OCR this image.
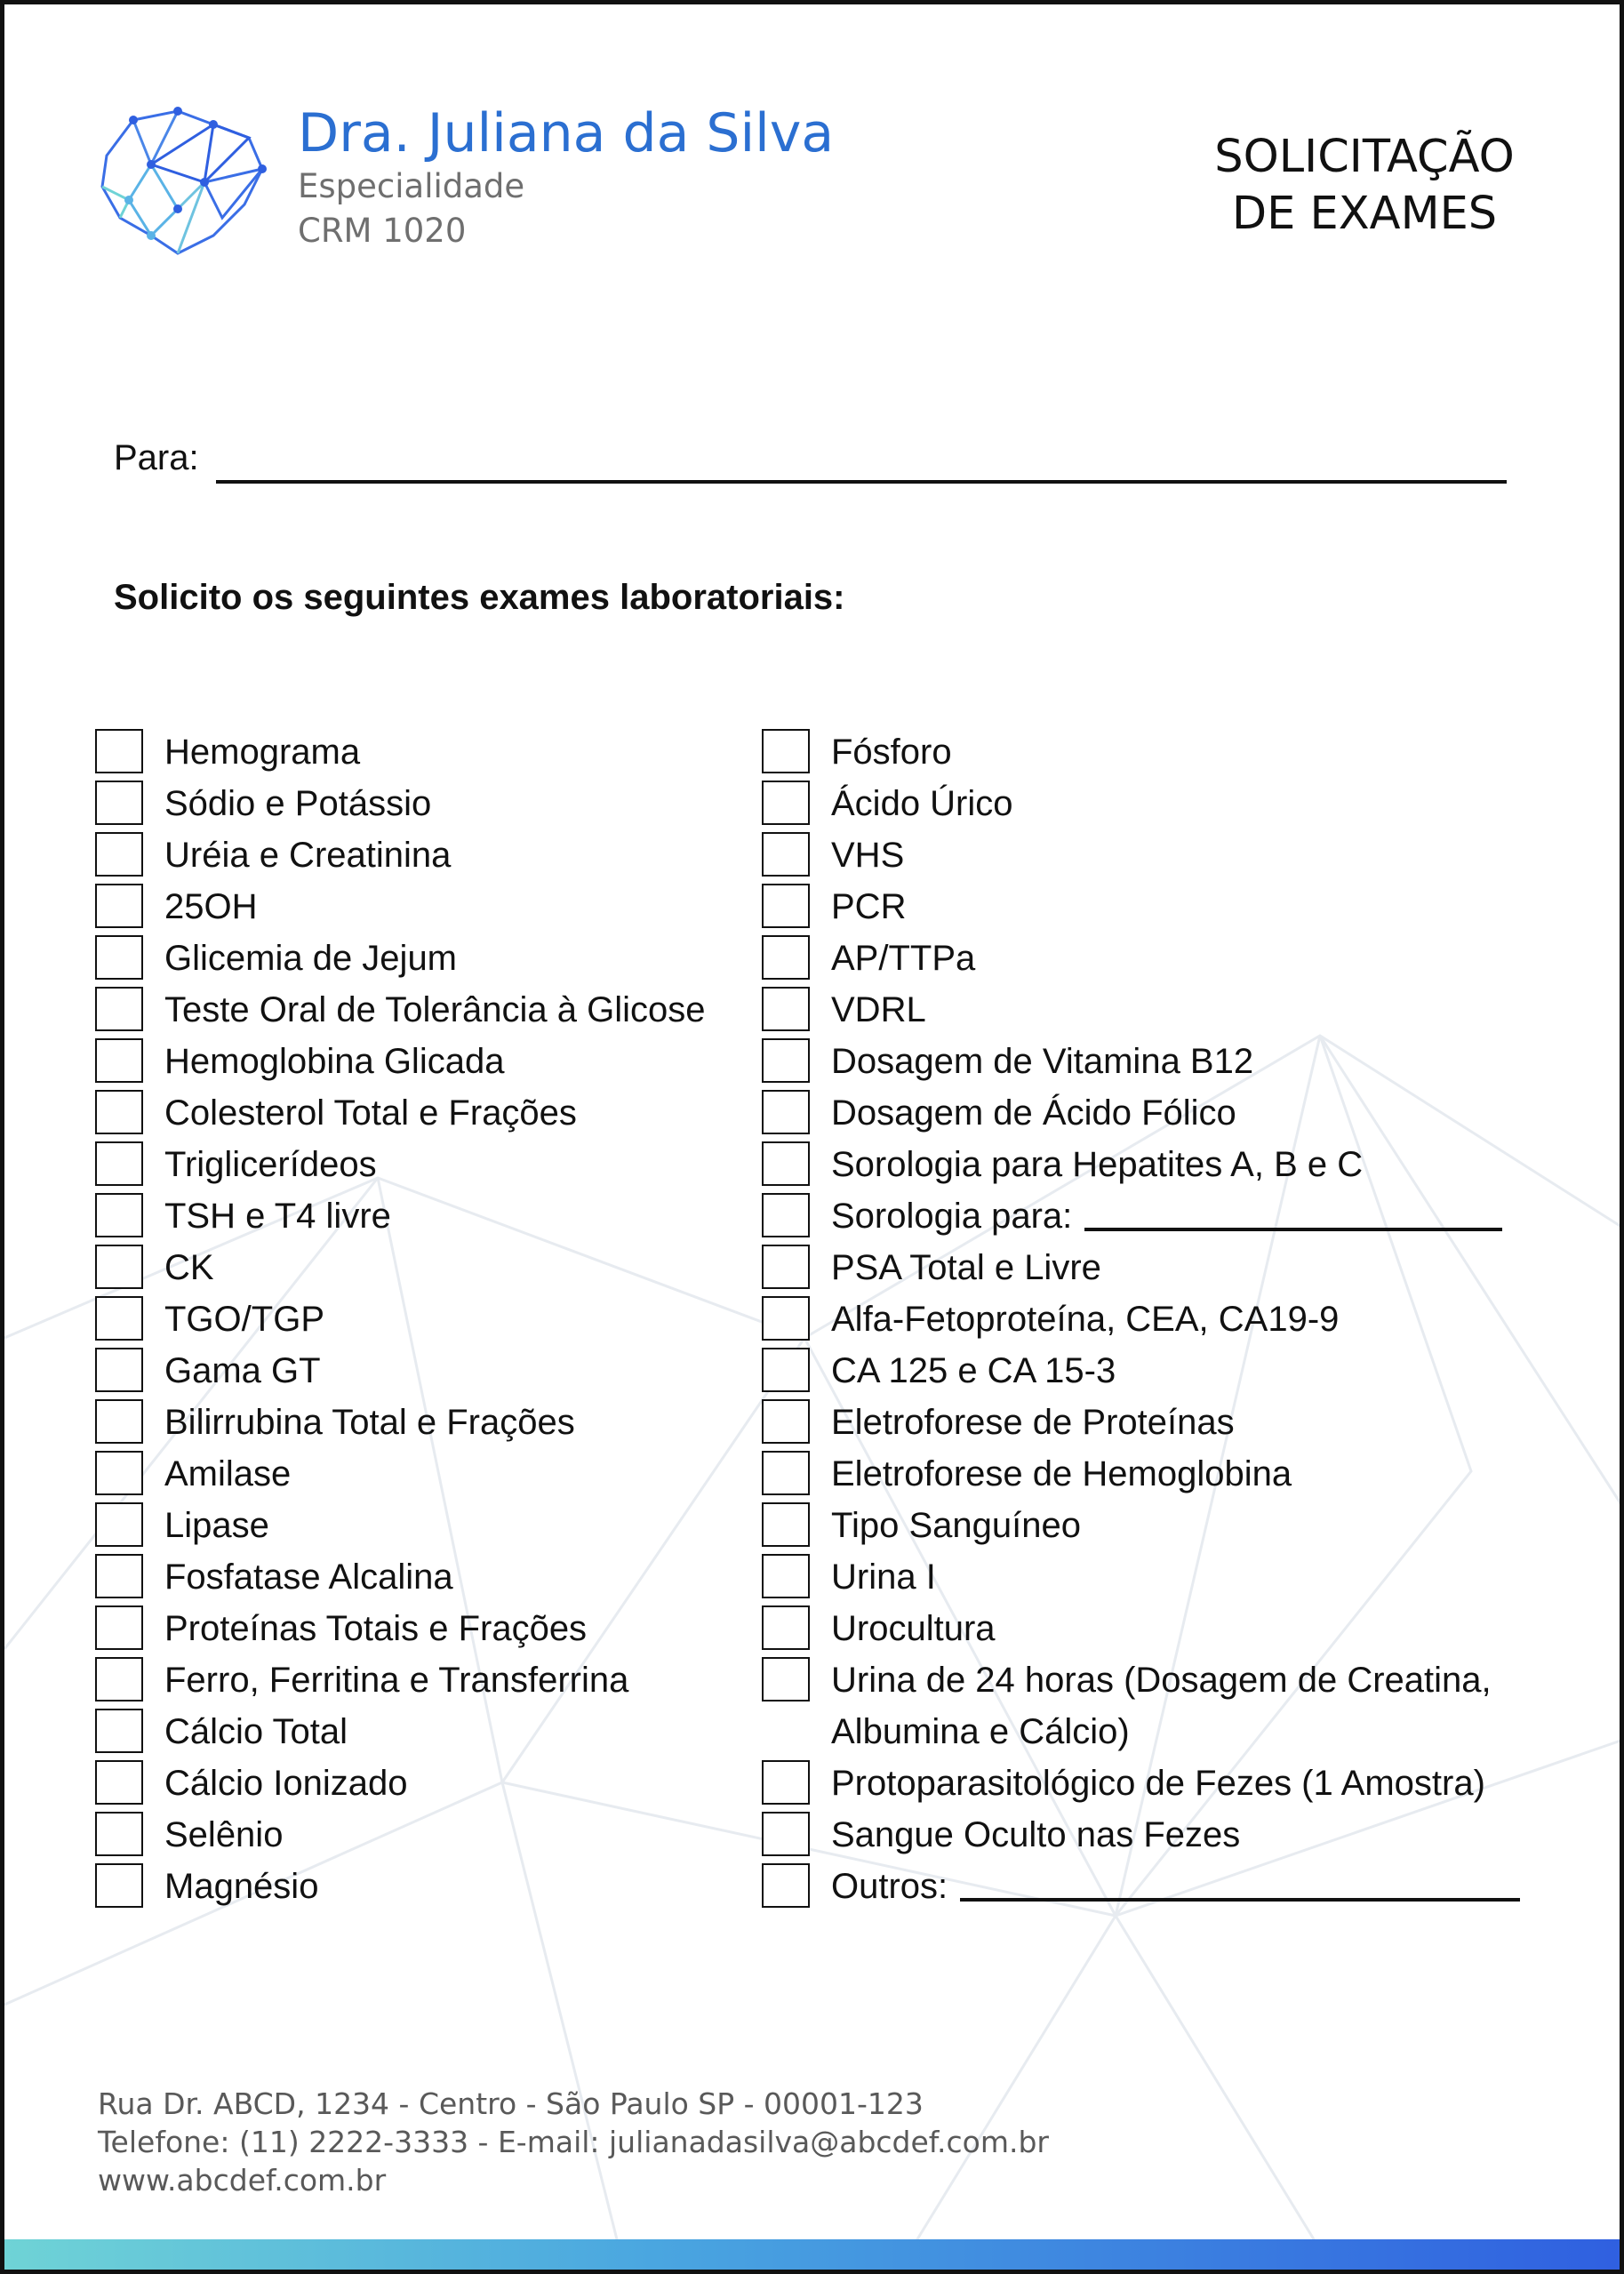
Dra. Juliana da Silva
Especialidade
CRM 1020
SOLICITAÇÃO
DE EXAMES
Para:
Solicito os seguintes exames laboratoriais:
Hemograma
Sódio e Potássio
Uréia e Creatinina
25OH
Glicemia de Jejum
Teste Oral de Tolerância à Glicose
Hemoglobina Glicada
Colesterol Total e Frações
Triglicerídeos
TSH e T4 livre
CK
TGO/TGP
Gama GT
Bilirrubina Total e Frações
Amilase
Lipase
Fosfatase Alcalina
Proteínas Totais e Frações
Ferro, Ferritina e Transferrina
Cálcio Total
Cálcio Ionizado
Selênio
Magnésio
Fósforo
Ácido Úrico
VHS
PCR
AP/TTPa
VDRL
Dosagem de Vitamina B12
Dosagem de Ácido Fólico
Sorologia para Hepatites A, B e C
Sorologia para:
PSA Total e Livre
Alfa-Fetoproteína, CEA, CA19-9
CA 125 e CA 15-3
Eletroforese de Proteínas
Eletroforese de Hemoglobina
Tipo Sanguíneo
Urina I
Urocultura
Urina de 24 horas (Dosagem de Creatina,
Albumina e Cálcio)
Protoparasitológico de Fezes (1 Amostra)
Sangue Oculto nas Fezes
Outros:
Rua Dr. ABCD, 1234 - Centro - São Paulo SP - 00001-123
Telefone: (11) 2222-3333 - E-mail: julianadasilva@abcdef.com.br
www.abcdef.com.br
